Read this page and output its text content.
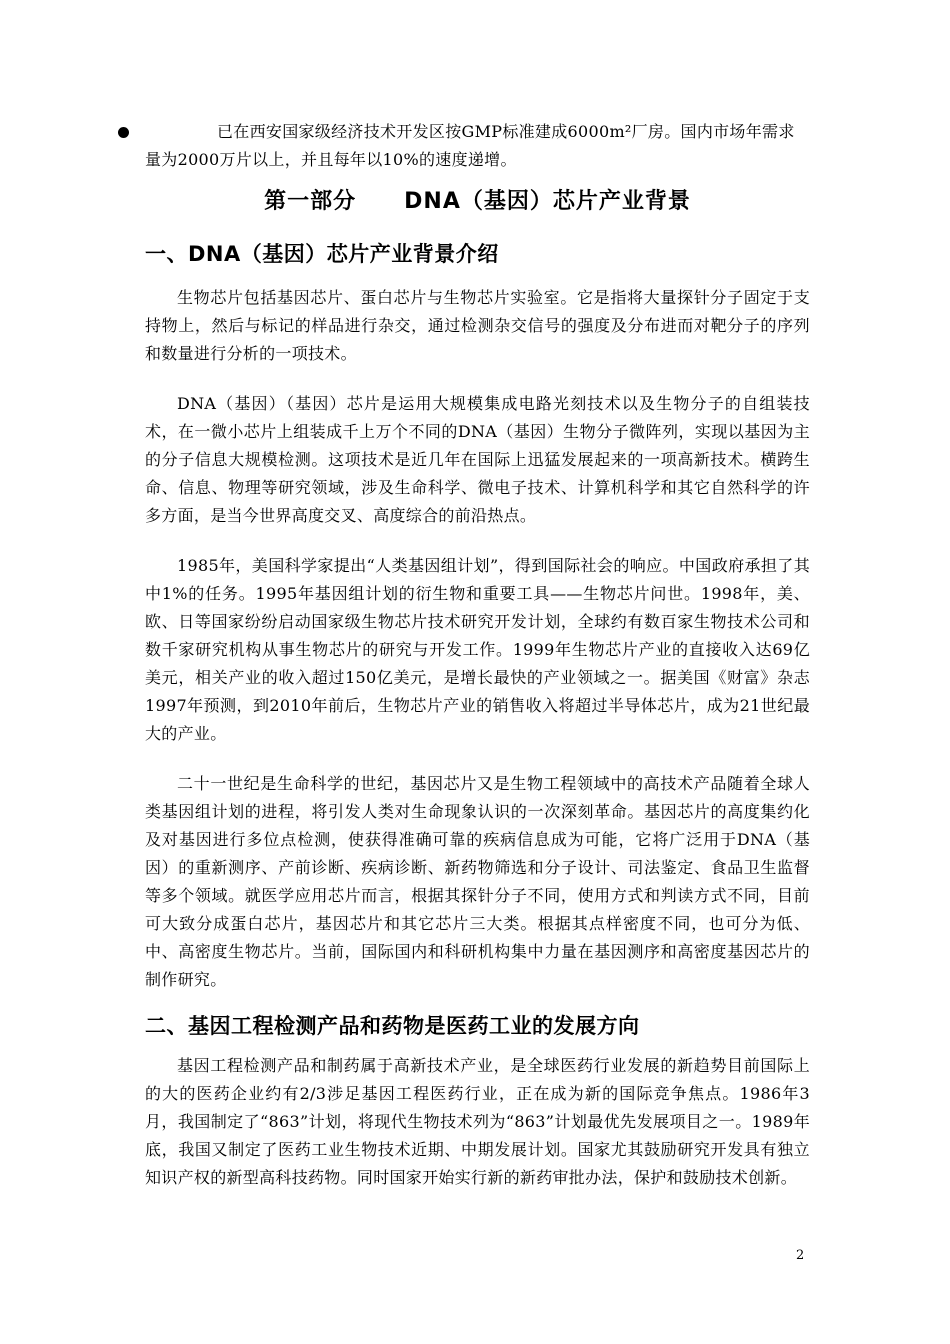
已在西安国家级经济技术开发区按GMP标准建成6000m²厂房。国内市场年需求量为2000万片以上，并且每年以10%的速度递增。

第一部分 DNA（基因）芯片产业背景
一、DNA（基因）芯片产业背景介绍

生物芯片包括基因芯片、蛋白芯片与生物芯片实验室。它是指将大量探针分子固定于支持物上，然后与标记的样品进行杂交，通过检测杂交信号的强度及分布进而对靶分子的序列和数量进行分析的一项技术。

DNA（基因）（基因）芯片是运用大规模集成电路光刻技术以及生物分子的自组装技术，在一微小芯片上组装成千上万个不同的DNA（基因）生物分子微阵列，实现以基因为主的分子信息大规模检测。这项技术是近几年在国际上迅猛发展起来的一项高新技术。横跨生命、信息、物理等研究领域，涉及生命科学、微电子技术、计算机科学和其它自然科学的许多方面，是当今世界高度交叉、高度综合的前沿热点。

1985年，美国科学家提出“人类基因组计划”，得到国际社会的响应。中国政府承担了其中1%的任务。1995年基因组计划的衍生物和重要工具——生物芯片问世。1998年，美、欧、日等国家纷纷启动国家级生物芯片技术研究开发计划，全球约有数百家生物技术公司和数千家研究机构从事生物芯片的研究与开发工作。1999年生物芯片产业的直接收入达69亿美元，相关产业的收入超过150亿美元，是增长最快的产业领域之一。据美国《财富》杂志1997年预测，到2010年前后，生物芯片产业的销售收入将超过半导体芯片，成为21世纪最大的产业。

二十一世纪是生命科学的世纪，基因芯片又是生物工程领域中的高技术产品随着全球人类基因组计划的进程，将引发人类对生命现象认识的一次深刻革命。基因芯片的高度集约化及对基因进行多位点检测，使获得准确可靠的疾病信息成为可能，它将广泛用于DNA（基因）的重新测序、产前诊断、疾病诊断、新药物筛选和分子设计、司法鉴定、食品卫生监督等多个领域。就医学应用芯片而言，根据其探针分子不同，使用方式和判读方式不同，目前可大致分成蛋白芯片，基因芯片和其它芯片三大类。根据其点样密度不同，也可分为低、中、高密度生物芯片。当前，国际国内和科研机构集中力量在基因测序和高密度基因芯片的制作研究。

二、基因工程检测产品和药物是医药工业的发展方向

基因工程检测产品和制药属于高新技术产业，是全球医药行业发展的新趋势目前国际上的大的医药企业约有2/3涉足基因工程医药行业，正在成为新的国际竞争焦点。1986年3月，我国制定了“863”计划，将现代生物技术列为“863”计划最优先发展项目之一。1989年底，我国又制定了医药工业生物技术近期、中期发展计划。国家尤其鼓励研究开发具有独立知识产权的新型高科技药物。同时国家开始实行新的新药审批办法，保护和鼓励技术创新。

2
